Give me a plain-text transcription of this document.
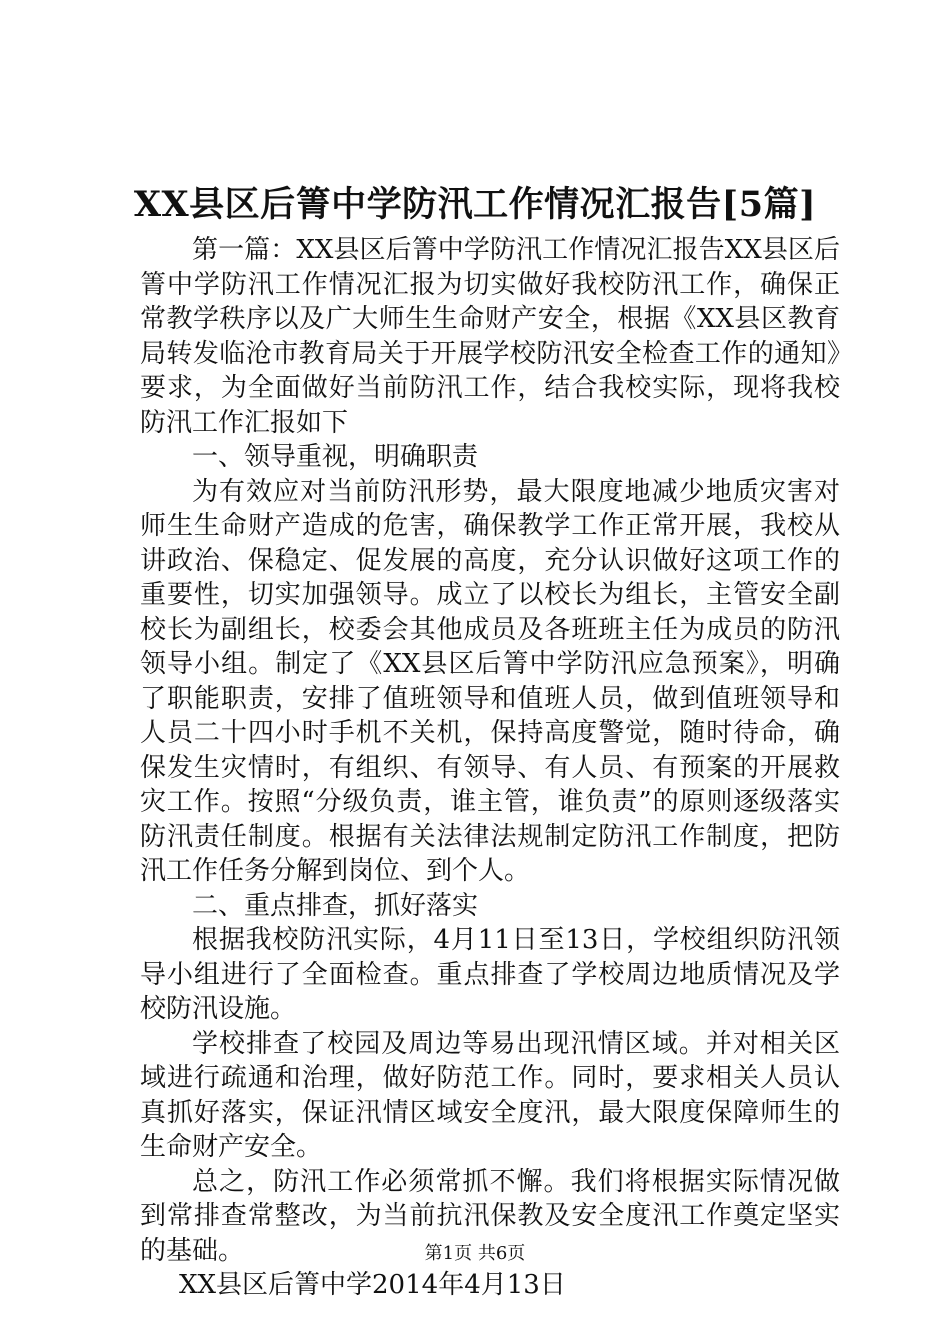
XX县区后箐中学防汛工作情况汇报告[5篇]

第一篇：XX县区后箐中学防汛工作情况汇报告XX县区后箐中学防汛工作情况汇报为切实做好我校防汛工作，确保正常教学秩序以及广大师生生命财产安全，根据《XX县区教育局转发临沧市教育局关于开展学校防汛安全检查工作的通知》要求，为全面做好当前防汛工作，结合我校实际，现将我校防汛工作汇报如下

一、领导重视，明确职责

为有效应对当前防汛形势，最大限度地减少地质灾害对师生生命财产造成的危害，确保教学工作正常开展，我校从讲政治、保稳定、促发展的高度，充分认识做好这项工作的重要性，切实加强领导。成立了以校长为组长，主管安全副校长为副组长，校委会其他成员及各班班主任为成员的防汛领导小组。制定了《XX县区后箐中学防汛应急预案》，明确了职能职责，安排了值班领导和值班人员，做到值班领导和人员二十四小时手机不关机，保持高度警觉，随时待命，确保发生灾情时，有组织、有领导、有人员、有预案的开展救灾工作。按照“分级负责，谁主管，谁负责”的原则逐级落实防汛责任制度。根据有关法律法规制定防汛工作制度，把防汛工作任务分解到岗位、到个人。

二、重点排查，抓好落实

根据我校防汛实际，4月11日至13日，学校组织防汛领导小组进行了全面检查。重点排查了学校周边地质情况及学校防汛设施。

学校排查了校园及周边等易出现汛情区域。并对相关区域进行疏通和治理，做好防范工作。同时，要求相关人员认真抓好落实，保证汛情区域安全度汛，最大限度保障师生的生命财产安全。

总之，防汛工作必须常抓不懈。我们将根据实际情况做到常排查常整改，为当前抗汛保教及安全度汛工作奠定坚实的基础。

XX县区后箐中学2014年4月13日

第1页 共6页
